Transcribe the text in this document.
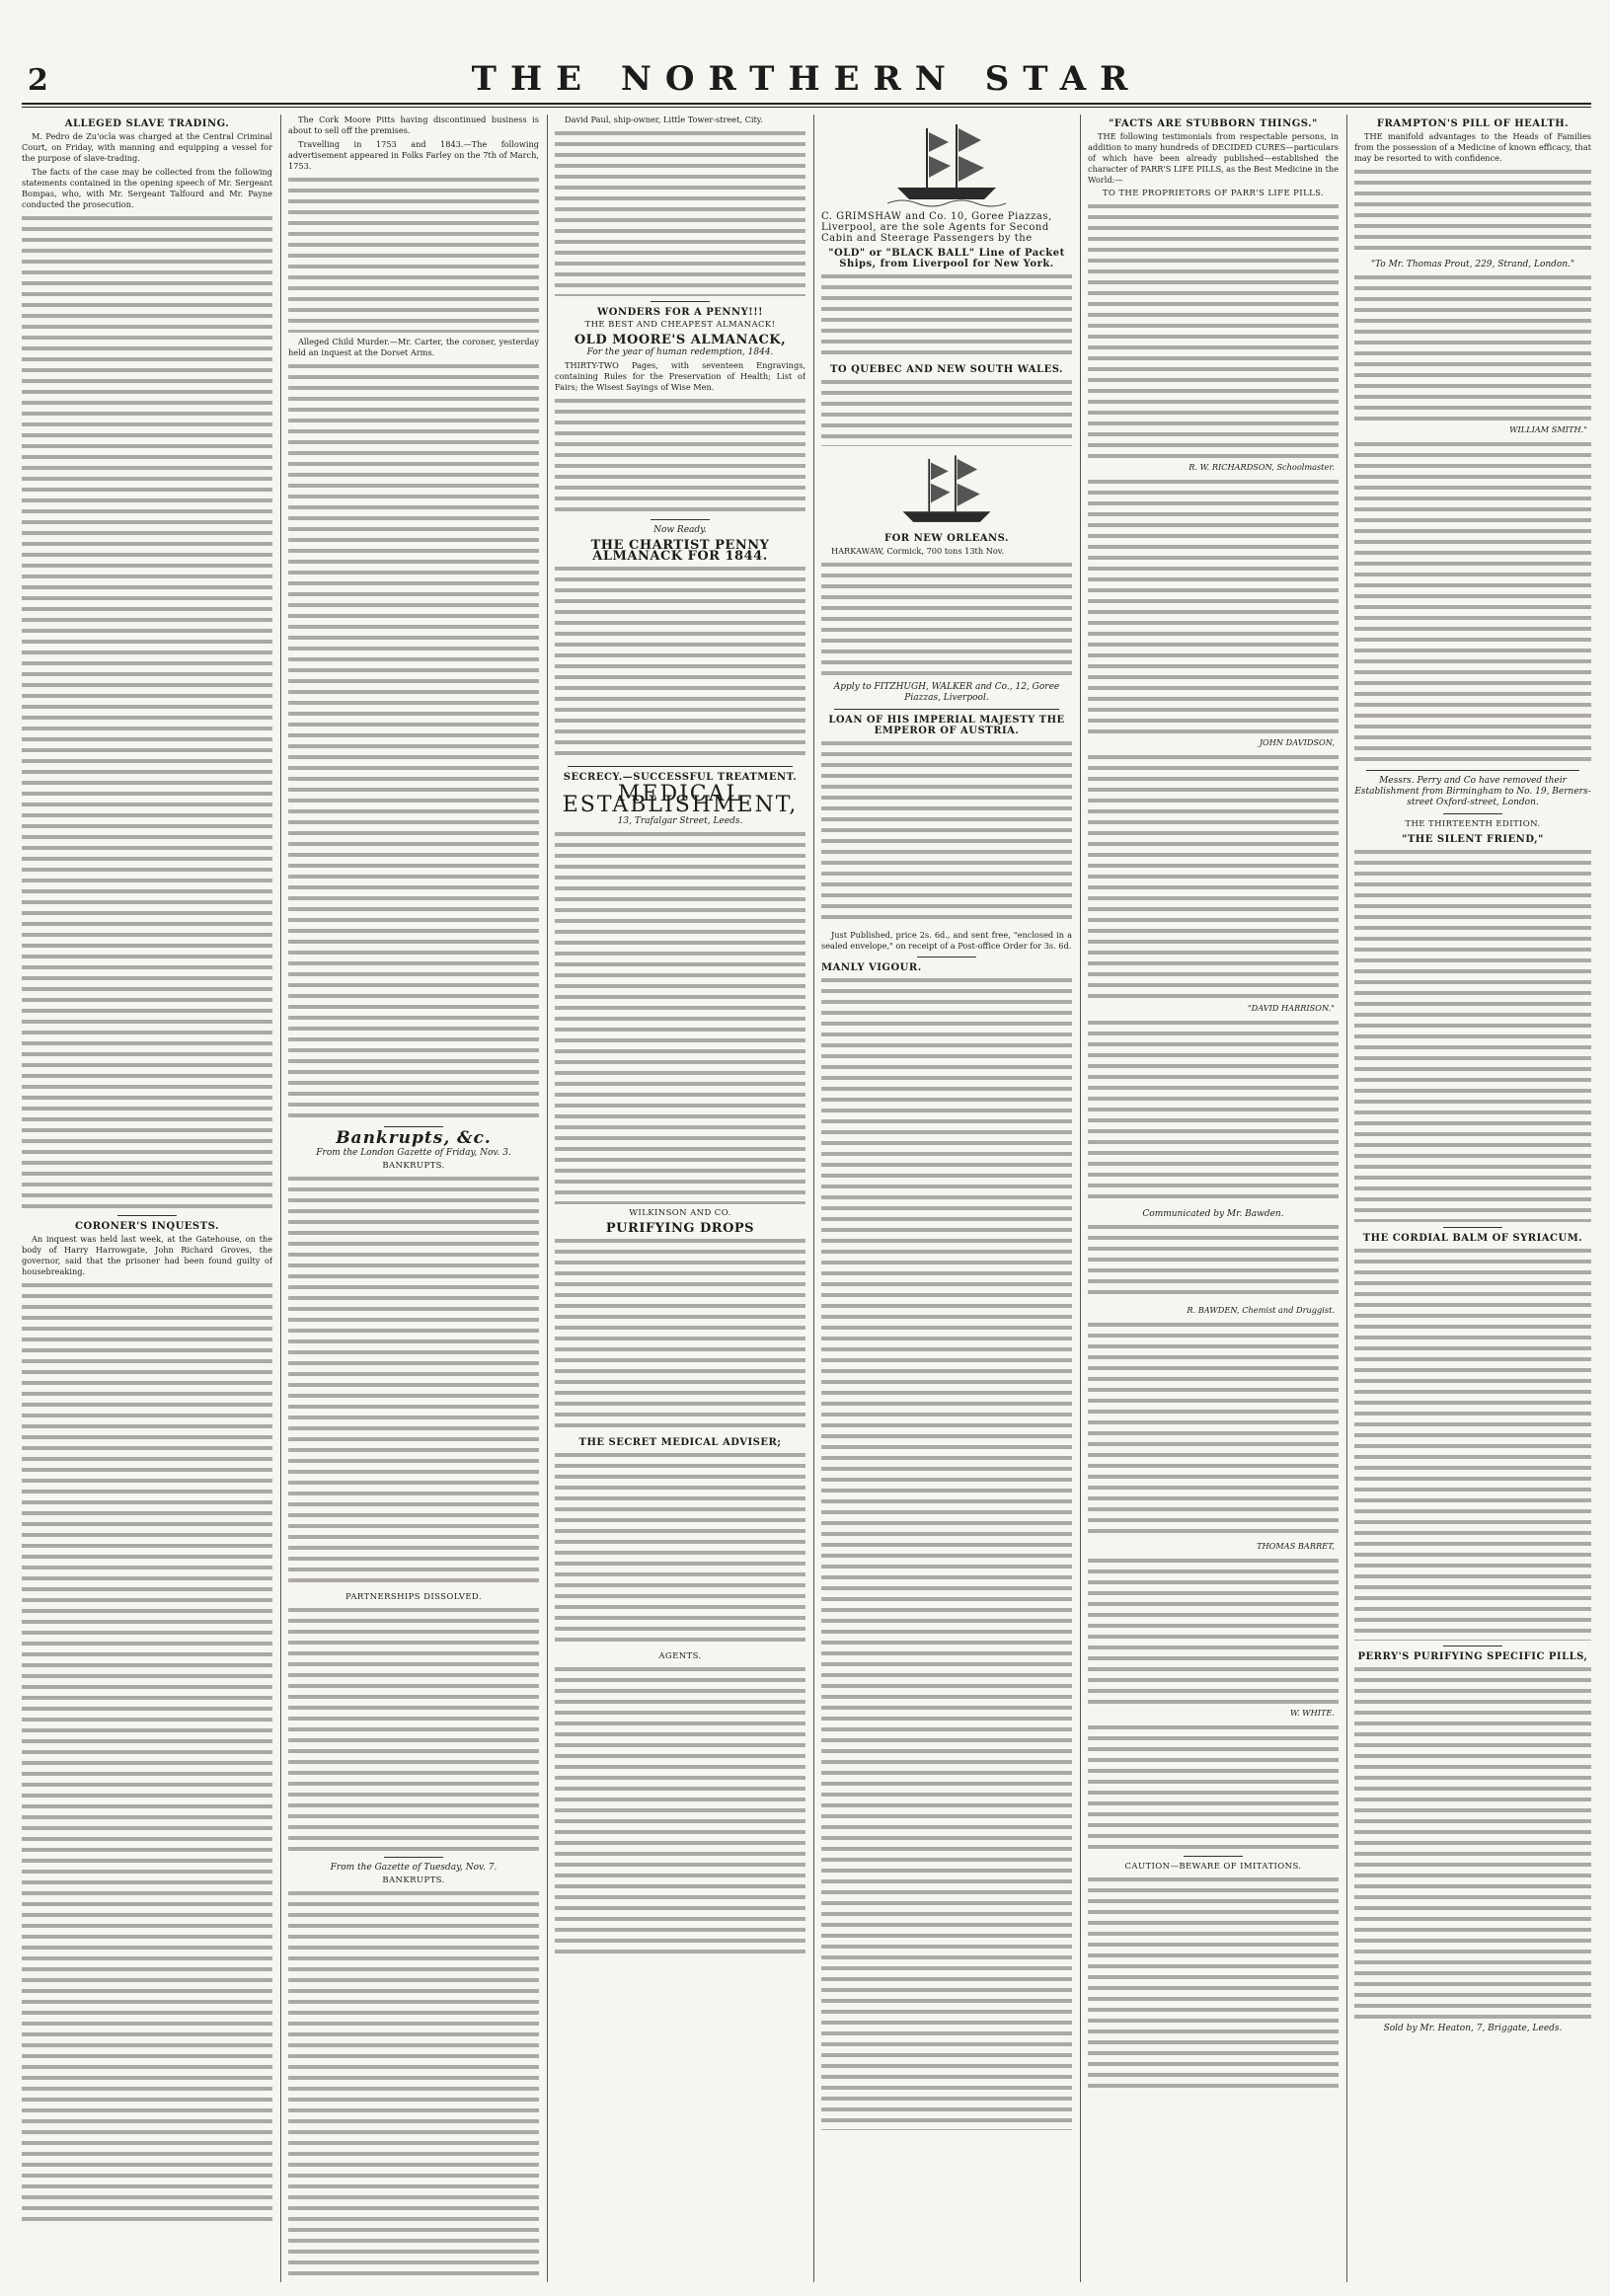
2	THE NORTHERN STAR
ALLEGED SLAVE TRADING.

M. Pedro de Zu'ocla was charged at the Central Criminal Court, on Friday, with manning and equipping a vessel for the purpose of slave-trading.

The facts of the case may be collected from the following statements contained in the opening speech of Mr. Sergeant Bompas, who, with Mr. Sergeant Talfourd and Mr. Payne conducted the prosecution.

CORONER'S INQUESTS.

An inquest was held last week, at the Gatehouse, on the body of Harry Harrowgate, John Richard Groves, the governor, said that the prisoner had been found guilty of housebreaking.

The Cork Moore Pitts having discontinued business is about to sell off the premises.

Travelling in 1753 and 1843.—The following advertisement appeared in Folks Farley on the 7th of March, 1753.

Alleged Child Murder.—Mr. Carter, the coroner, yesterday held an inquest at the Dorset Arms.

Bankrupts, &c.
From the London Gazette of Friday, Nov. 3.
BANKRUPTS.
PARTNERSHIPS DISSOLVED.
From the Gazette of Tuesday, Nov. 7.
BANKRUPTS.

David Paul, ship-owner, Little Tower-street, City.

WONDERS FOR A PENNY!!!
THE BEST AND CHEAPEST ALMANACK!
OLD MOORE'S ALMANACK,
For the year of human redemption, 1844.

THIRTY-TWO Pages, with seventeen Engravings, containing Rules for the Preservation of Health; List of Fairs; the Wisest Sayings of Wise Men.

Now Ready.
THE CHARTIST PENNY ALMANACK FOR 1844.
SECRECY.—SUCCESSFUL TREATMENT.
MEDICAL ESTABLISHMENT,
13, Trafalgar Street, Leeds.
WILKINSON AND CO.
PURIFYING DROPS
THE SECRET MEDICAL ADVISER;
AGENTS.
C. GRIMSHAW and Co. 10, Goree Piazzas, Liverpool, are the sole Agents for Second Cabin and Steerage Passengers by the
"OLD" or "BLACK BALL" Line of Packet Ships, from Liverpool for New York.
TO QUEBEC AND NEW SOUTH WALES.
FOR NEW ORLEANS.

HARKAWAW, Cormick, 700 tons 13th Nov.

Apply to FITZHUGH, WALKER and Co., 12, Goree Piazzas, Liverpool.
LOAN OF HIS IMPERIAL MAJESTY THE EMPEROR OF AUSTRIA.

Just Published, price 2s. 6d., and sent free, "enclosed in a sealed envelope," on receipt of a Post-office Order for 3s. 6d.

MANLY VIGOUR.
"FACTS ARE STUBBORN THINGS."

THE following testimonials from respectable persons, in addition to many hundreds of DECIDED CURES—particulars of which have been already published—established the character of PARR'S LIFE PILLS, as the Best Medicine in the World:—

TO THE PROPRIETORS OF PARR'S LIFE PILLS.
R. W. RICHARDSON, Schoolmaster.
JOHN DAVIDSON,
"DAVID HARRISON."
Communicated by Mr. Bawden.
R. BAWDEN, Chemist and Druggist.
THOMAS BARRET,
W. WHITE.
CAUTION—BEWARE OF IMITATIONS.
FRAMPTON'S PILL OF HEALTH.

THE manifold advantages to the Heads of Families from the possession of a Medicine of known efficacy, that may be resorted to with confidence.

"To Mr. Thomas Prout, 229, Strand, London."
WILLIAM SMITH."
Messrs. Perry and Co have removed their Establishment from Birmingham to No. 19, Berners-street Oxford-street, London.
THE THIRTEENTH EDITION.
"THE SILENT FRIEND,"
THE CORDIAL BALM OF SYRIACUM.
PERRY'S PURIFYING SPECIFIC PILLS,
Sold by Mr. Heaton, 7, Briggate, Leeds.
